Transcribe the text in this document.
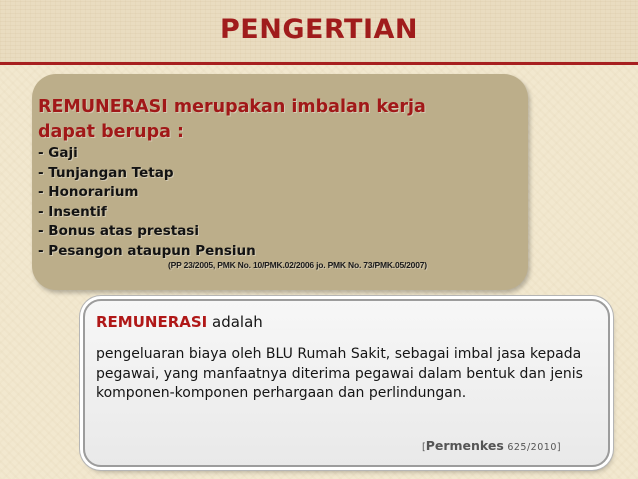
PENGERTIAN
REMUNERASI merupakan imbalan kerja
dapat berupa :
- Gaji
- Tunjangan Tetap
- Honorarium
- Insentif
- Bonus atas prestasi
- Pesangon ataupun Pensiun
(PP 23/2005, PMK No. 10/PMK.02/2006 jo. PMK No. 73/PMK.05/2007)
REMUNERASI adalah
pengeluaran biaya oleh BLU Rumah Sakit, sebagai imbal jasa kepada pegawai, yang manfaatnya diterima pegawai dalam bentuk dan jenis komponen-komponen perhargaan dan perlindungan.
[Permenkes 625/2010]
